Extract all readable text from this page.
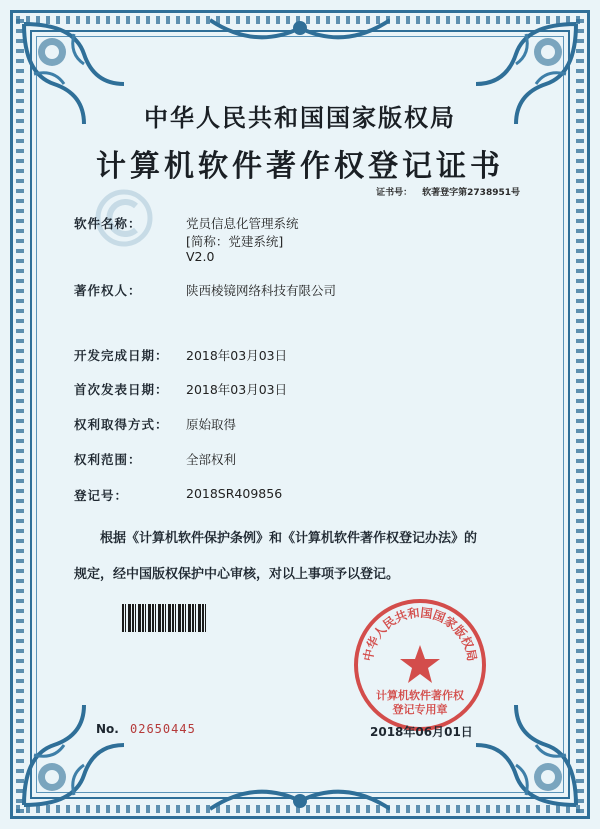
中华人民共和国国家版权局
计算机软件著作权登记证书
证书号： 软著登字第2738951号
软件名称：	党员信息化管理系统
[简称：党建系统]
V2.0
著作权人：	陕西棱镜网络科技有限公司
开发完成日期： 2018年03月03日
首次发表日期： 2018年03月03日
权利取得方式： 原始取得
权利范围：	全部权利
登记号：	2018SR409856
根据《计算机软件保护条例》和《计算机软件著作权登记办法》的
规定，经中国版权保护中心审核，对以上事项予以登记。
中华人民共和国国家版权局
计算机软件著作权
登记专用章
No. 02650445	2018年06月01日
